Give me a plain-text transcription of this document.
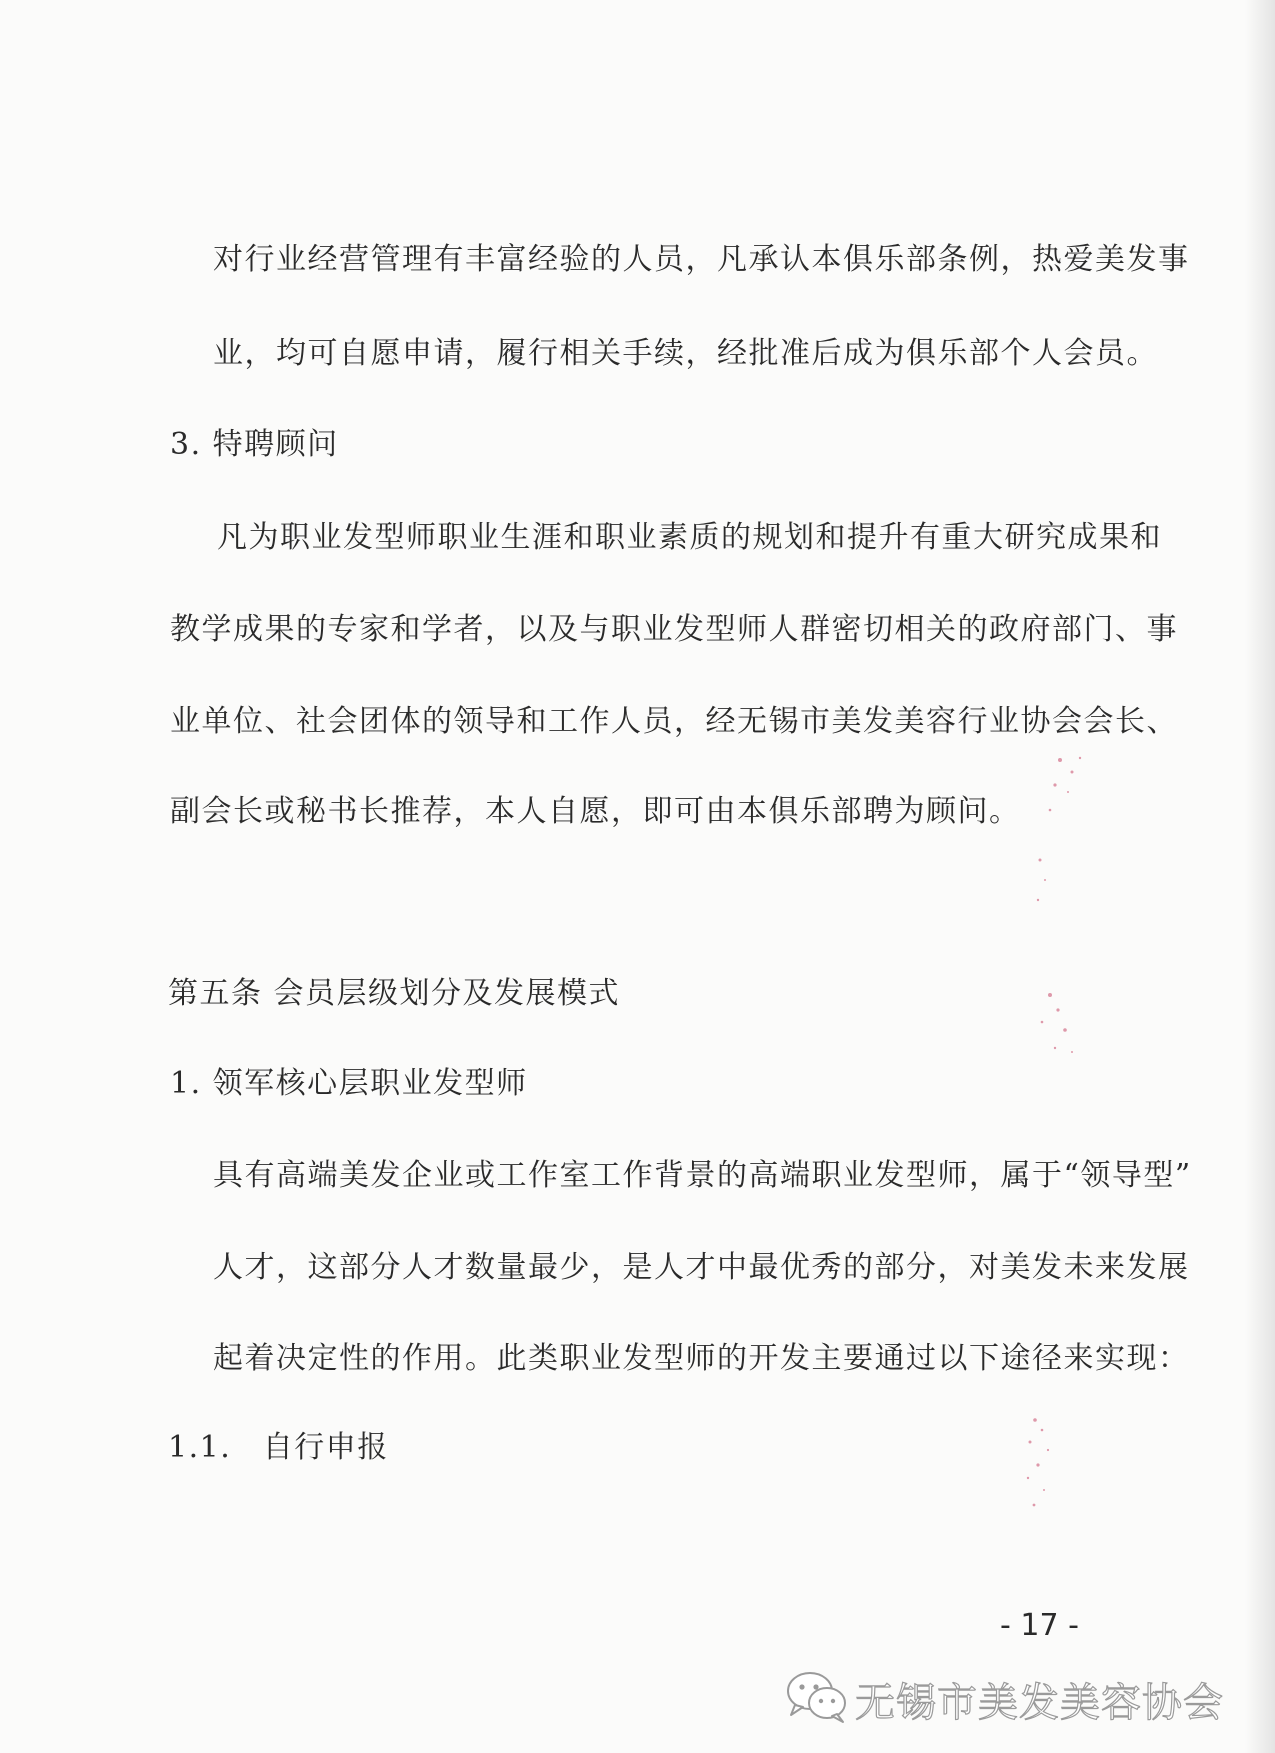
对行业经营管理有丰富经验的人员，凡承认本俱乐部条例，热爱美发事
业，均可自愿申请，履行相关手续，经批准后成为俱乐部个人会员。
3. 特聘顾问
凡为职业发型师职业生涯和职业素质的规划和提升有重大研究成果和
教学成果的专家和学者，以及与职业发型师人群密切相关的政府部门、事
业单位、社会团体的领导和工作人员，经无锡市美发美容行业协会会长、
副会长或秘书长推荐，本人自愿，即可由本俱乐部聘为顾问。
第五条 会员层级划分及发展模式
1. 领军核心层职业发型师
具有高端美发企业或工作室工作背景的高端职业发型师，属于“领导型”
人才，这部分人才数量最少，是人才中最优秀的部分，对美发未来发展
起着决定性的作用。此类职业发型师的开发主要通过以下途径来实现：
1.1.　自行申报
- 17 -
无锡市美发美容协会
